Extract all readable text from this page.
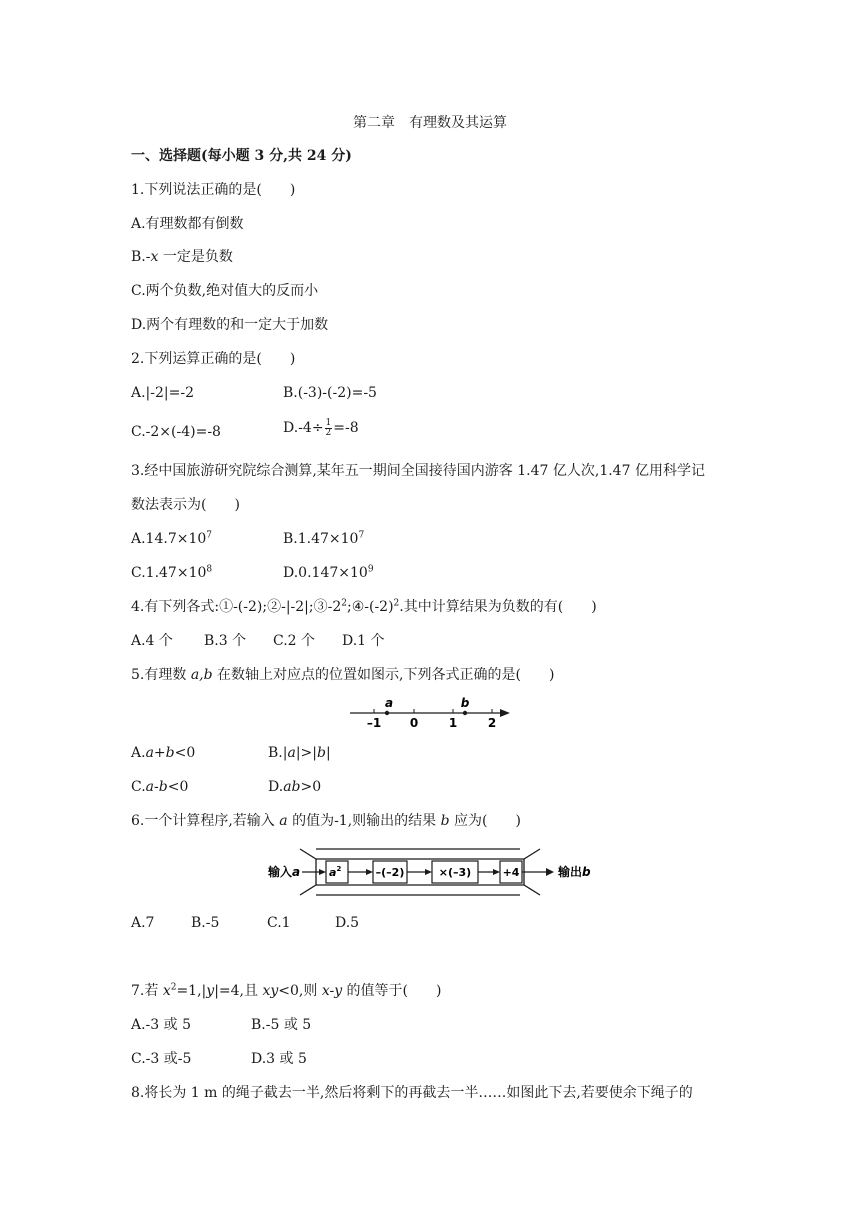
第二章　有理数及其运算
一、选择题(每小题 3 分,共 24 分)
1.下列说法正确的是(　　)
A.有理数都有倒数
B.-x 一定是负数
C.两个负数,绝对值大的反而小
D.两个有理数的和一定大于加数
2.下列运算正确的是(　　)
A.|-2|=-2	B.(-3)-(-2)=-5
C.-2×(-4)=-8	$D.-4\div \frac{1}{2} =-8$
3.经中国旅游研究院综合测算,某年五一期间全国接待国内游客 1.47 亿人次,1.47 亿用科学记
数法表示为(　　)
$A.14.7\times 10^7$	$B.1.47\times 10^7$
$C.1.47\times 10^8$	$D.0.147\times 10^9$
4.有下列各式$:①-(-2);②-|-2|;③-2^2;④-(-2)^2$.其中计算结果为负数的有(　　)
A.4 个 B.3 个 C.2 个 D.1 个
5.有理数 a,b 在数轴上对应点的位置如图示,下列各式正确的是(　　)
–1 0	1	2
a	b
A.a+b<0	B.|a|>|b|
C.a-b<0	D.ab>0
6.一个计算程序,若输入 a 的值为-1,则输出的结果 b 应为(　　)
输入a	$a^2$	–(–2)	×(–3)	+4	输出b
A.7	B.-5	C.1	D.5
7.若 $x^2=1,|y|=4$,且 xy<0,则 x-y 的值等于(　　)
A.-3 或 5	B.-5 或 5
C.-3 或-5	D.3 或 5
8.将长为 1 m 的绳子截去一半,然后将剩下的再截去一半……如图此下去,若要使余下绳子的
